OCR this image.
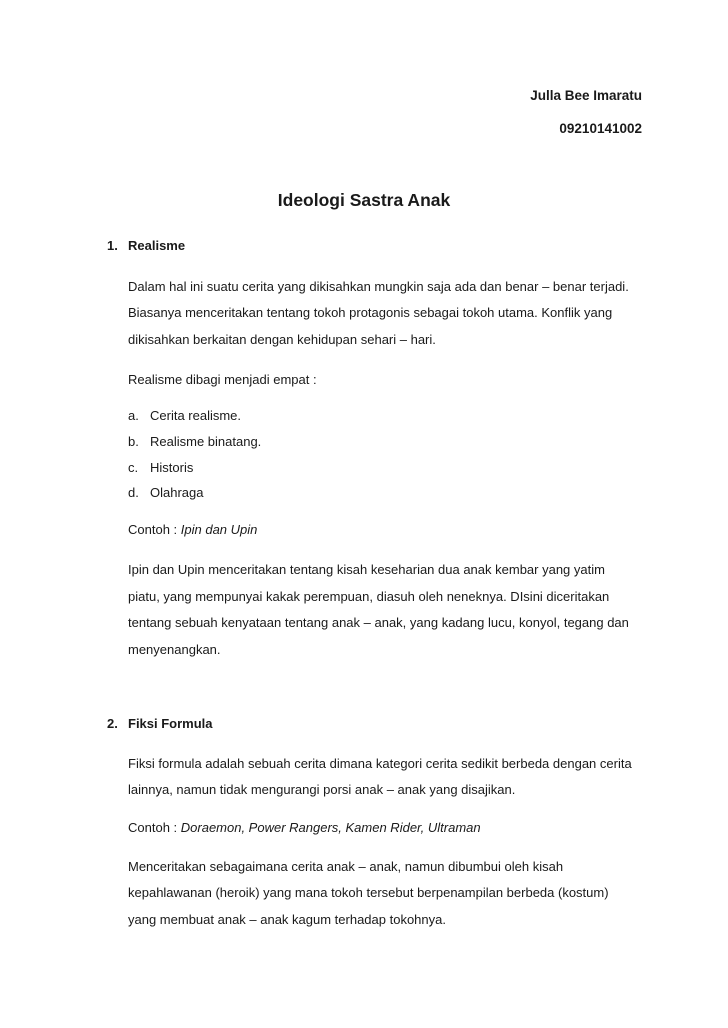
Julla Bee Imaratu
09210141002
Ideologi Sastra Anak
1. Realisme
Dalam hal ini suatu cerita yang dikisahkan mungkin saja ada dan benar – benar terjadi.
Biasanya menceritakan tentang tokoh protagonis sebagai tokoh utama. Konflik yang
dikisahkan berkaitan dengan kehidupan sehari – hari.
Realisme dibagi menjadi empat :
a. Cerita realisme.
b. Realisme binatang.
c. Historis
d. Olahraga
Contoh : Ipin dan Upin
Ipin dan Upin menceritakan tentang kisah keseharian dua anak kembar yang yatim
piatu, yang mempunyai kakak perempuan, diasuh oleh neneknya. DIsini diceritakan
tentang sebuah kenyataan tentang anak – anak, yang kadang lucu, konyol, tegang dan
menyenangkan.
2. Fiksi Formula
Fiksi formula adalah sebuah cerita dimana kategori cerita sedikit berbeda dengan cerita
lainnya, namun tidak mengurangi porsi anak – anak yang disajikan.
Contoh : Doraemon, Power Rangers, Kamen Rider, Ultraman
Menceritakan sebagaimana cerita anak – anak, namun dibumbui oleh kisah
kepahlawanan (heroik) yang mana tokoh tersebut berpenampilan berbeda (kostum)
yang membuat anak – anak kagum terhadap tokohnya.
